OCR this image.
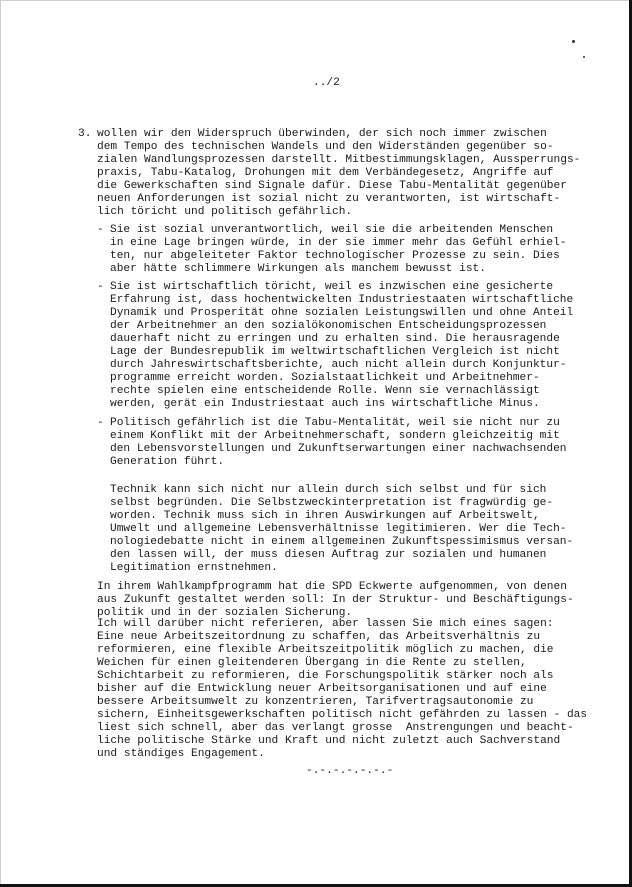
../2
3. wollen wir den Widerspruch überwinden, der sich noch immer zwischen
dem Tempo des technischen Wandels und den Widerständen gegenüber so-
zialen Wandlungsprozessen darstellt. Mitbestimmungsklagen, Aussperrungs-
praxis, Tabu-Katalog, Drohungen mit dem Verbändegesetz, Angriffe auf
die Gewerkschaften sind Signale dafür. Diese Tabu-Mentalität gegenüber
neuen Anforderungen ist sozial nicht zu verantworten, ist wirtschaft-
lich töricht und politisch gefährlich.
- Sie ist sozial unverantwortlich, weil sie die arbeitenden Menschen
in eine Lage bringen würde, in der sie immer mehr das Gefühl erhiel-
ten, nur abgeleiteter Faktor technologischer Prozesse zu sein. Dies
aber hätte schlimmere Wirkungen als manchem bewusst ist.
- Sie ist wirtschaftlich töricht, weil es inzwischen eine gesicherte
Erfahrung ist, dass hochentwickelten Industriestaaten wirtschaftliche
Dynamik und Prosperität ohne sozialen Leistungswillen und ohne Anteil
der Arbeitnehmer an den sozialökonomischen Entscheidungsprozessen
dauerhaft nicht zu erringen und zu erhalten sind. Die herausragende
Lage der Bundesrepublik im weltwirtschaftlichen Vergleich ist nicht
durch Jahreswirtschaftsberichte, auch nicht allein durch Konjunktur-
programme erreicht worden. Sozialstaatlichkeit und Arbeitnehmer-
rechte spielen eine entscheidende Rolle. Wenn sie vernachlässigt
werden, gerät ein Industriestaat auch ins wirtschaftliche Minus.
- Politisch gefährlich ist die Tabu-Mentalität, weil sie nicht nur zu
einem Konflikt mit der Arbeitnehmerschaft, sondern gleichzeitig mit
den Lebensvorstellungen und Zukunftserwartungen einer nachwachsenden
Generation führt.
Technik kann sich nicht nur allein durch sich selbst und für sich
selbst begründen. Die Selbstzweckinterpretation ist fragwürdig ge-
worden. Technik muss sich in ihren Auswirkungen auf Arbeitswelt,
Umwelt und allgemeine Lebensverhältnisse legitimieren. Wer die Tech-
nologiedebatte nicht in einem allgemeinen Zukunftspessimismus versan-
den lassen will, der muss diesen Auftrag zur sozialen und humanen
Legitimation ernstnehmen.
In ihrem Wahlkampfprogramm hat die SPD Eckwerte aufgenommen, von denen
aus Zukunft gestaltet werden soll: In der Struktur- und Beschäftigungs-
politik und in der sozialen Sicherung.
Ich will darüber nicht referieren, aber lassen Sie mich eines sagen:
Eine neue Arbeitszeitordnung zu schaffen, das Arbeitsverhältnis zu
reformieren, eine flexible Arbeitszeitpolitik möglich zu machen, die
Weichen für einen gleitenderen Übergang in die Rente zu stellen,
Schichtarbeit zu reformieren, die Forschungspolitik stärker noch als
bisher auf die Entwicklung neuer Arbeitsorganisationen und auf eine
bessere Arbeitsumwelt zu konzentrieren, Tarifvertragsautonomie zu
sichern, Einheitsgewerkschaften politisch nicht gefährden zu lassen - das
liest sich schnell, aber das verlangt grosse  Anstrengungen und beacht-
liche politische Stärke und Kraft und nicht zuletzt auch Sachverstand
und ständiges Engagement.
-.-.-.-.-.-.-
